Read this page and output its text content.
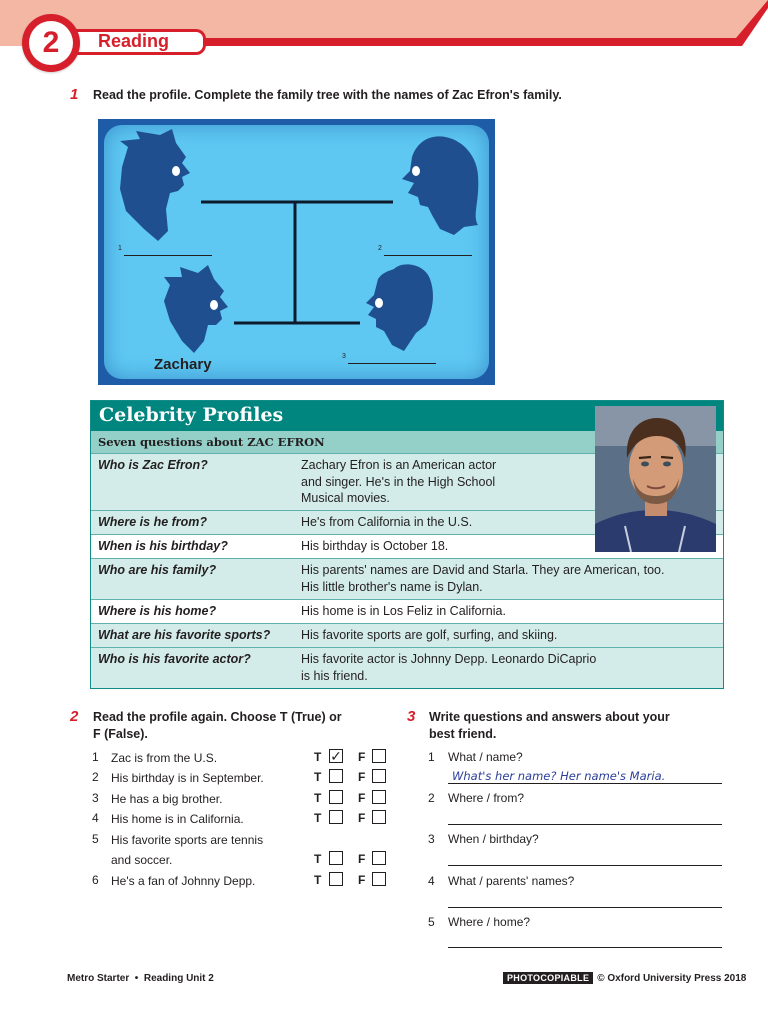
2	Reading
1 Read the profile. Complete the family tree with the names of Zac Efron's family.
1	2
3
Zachary
Celebrity Profiles
Seven questions about ZAC EFRON
Who is Zac Efron?	Zachary Efron is an American actor
and singer. He's in the High School
Musical movies.
Where is he from?	He's from California in the U.S.
When is his birthday?	His birthday is October 18.
Who are his family?	His parents' names are David and Starla. They are American, too.
His little brother's name is Dylan.
Where is his home?	His home is in Los Feliz in California.
What are his favorite sports? His favorite sports are golf, surfing, and skiing.
Who is his favorite actor?	His favorite actor is Johnny Depp. Leonardo DiCaprio
is his friend.
2 Read the profile again. Choose T (True) or
F (False).
1 Zac is from the U.S.	T ✓ F
2 His birthday is in September.	T	F
3 He has a big brother.	T	F
4 His home is in California.	T	F
5 His favorite sports are tennis
and soccer.	T	F
6 He's a fan of Johnny Depp.	T	F
3 Write questions and answers about your
best friend.
1 What / name?
What's her name? Her name's Maria.
2 Where / from?
3 When / birthday?
4 What / parents' names?
5 Where / home?
Metro Starter  •  Reading Unit 2	PHOTOCOPIABLE © Oxford University Press 2018
